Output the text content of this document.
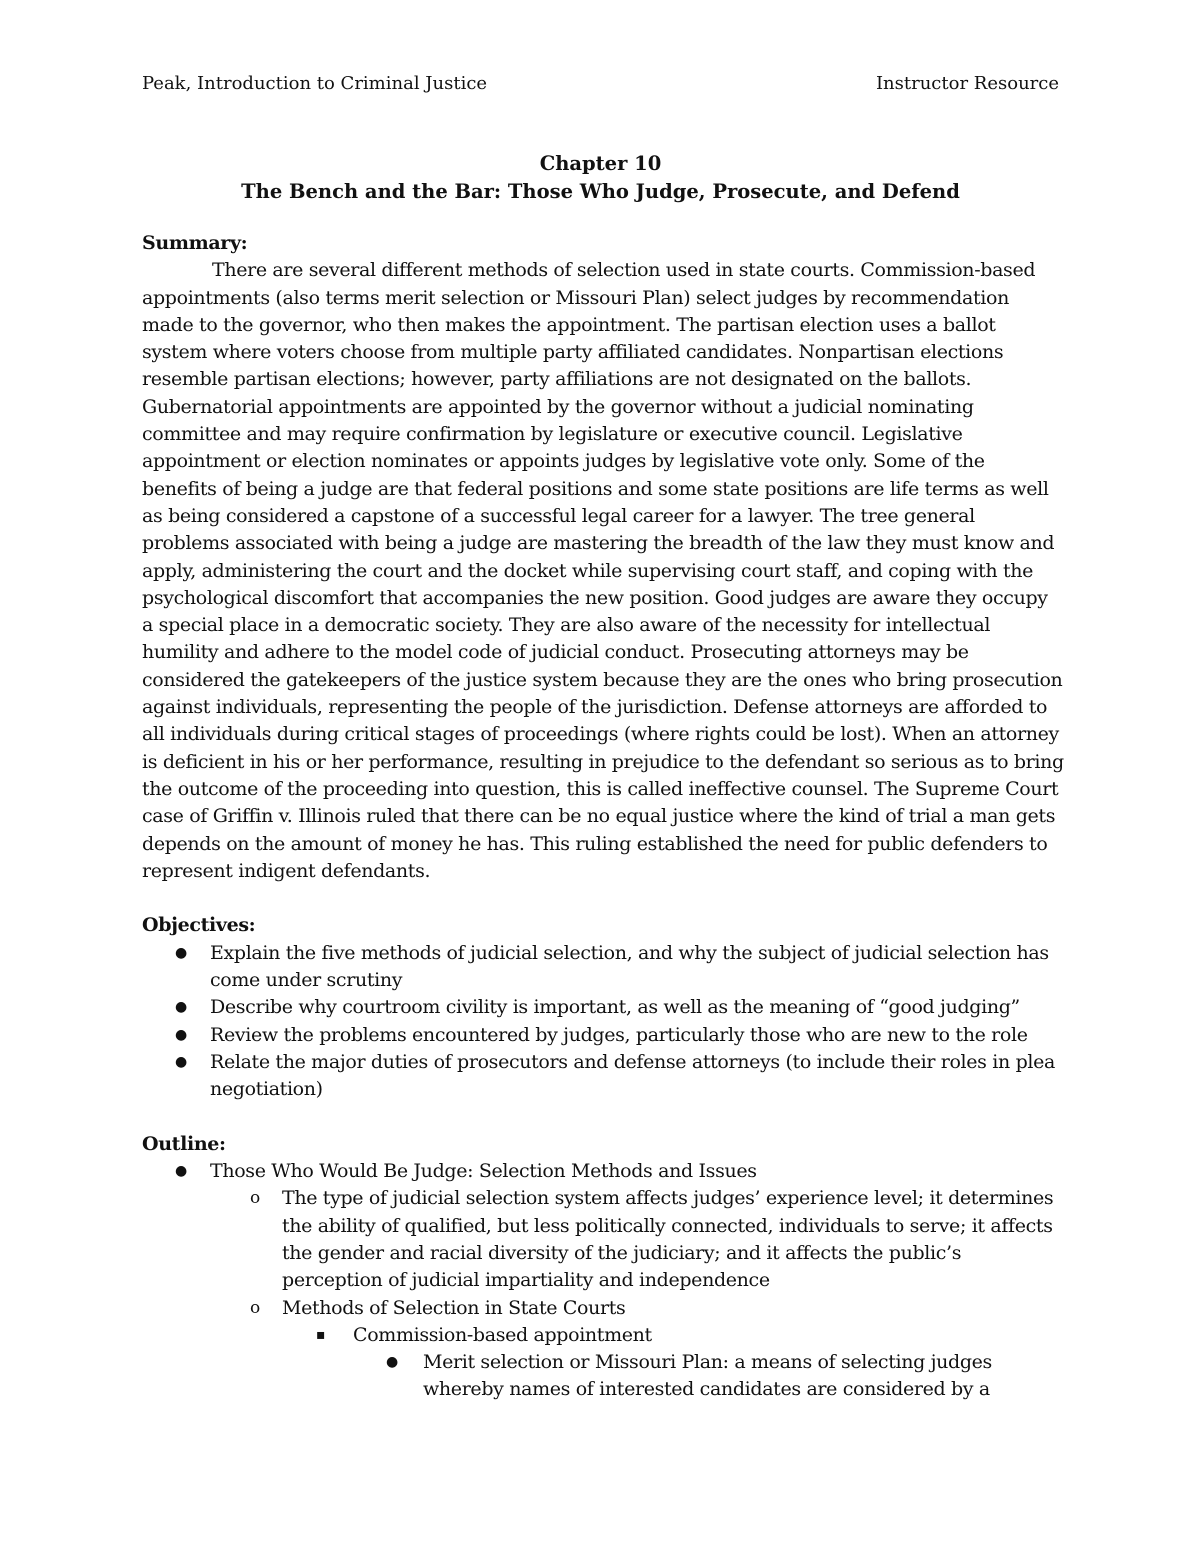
Peak, Introduction to Criminal Justice	Instructor Resource
Chapter 10
The Bench and the Bar: Those Who Judge, Prosecute, and Defend
Summary:

There are several different methods of selection used in state courts. Commission-based appointments (also terms merit selection or Missouri Plan) select judges by recommendation made to the governor, who then makes the appointment. The partisan election uses a ballot system where voters choose from multiple party affiliated candidates. Nonpartisan elections resemble partisan elections; however, party affiliations are not designated on the ballots. Gubernatorial appointments are appointed by the governor without a judicial nominating committee and may require confirmation by legislature or executive council. Legislative appointment or election nominates or appoints judges by legislative vote only. Some of the benefits of being a judge are that federal positions and some state positions are life terms as well as being considered a capstone of a successful legal career for a lawyer. The tree general problems associated with being a judge are mastering the breadth of the law they must know and apply, administering the court and the docket while supervising court staff, and coping with the psychological discomfort that accompanies the new position. Good judges are aware they occupy a special place in a democratic society. They are also aware of the necessity for intellectual humility and adhere to the model code of judicial conduct. Prosecuting attorneys may be considered the gatekeepers of the justice system because they are the ones who bring prosecution against individuals, representing the people of the jurisdiction. Defense attorneys are afforded to all individuals during critical stages of proceedings (where rights could be lost). When an attorney is deficient in his or her performance, resulting in prejudice to the defendant so serious as to bring the outcome of the proceeding into question, this is called ineffective counsel. The Supreme Court case of Griffin v. Illinois ruled that there can be no equal justice where the kind of trial a man gets depends on the amount of money he has. This ruling established the need for public defenders to represent indigent defendants.

Objectives:
● Explain the five methods of judicial selection, and why the subject of judicial selection has come under scrutiny
● Describe why courtroom civility is important, as well as the meaning of “good judging”
● Review the problems encountered by judges, particularly those who are new to the role
● Relate the major duties of prosecutors and defense attorneys (to include their roles in plea negotiation)
Outline:
● Those Who Would Be Judge: Selection Methods and Issues
o The type of judicial selection system affects judges’ experience level; it determines the ability of qualified, but less politically connected, individuals to serve; it affects the gender and racial diversity of the judiciary; and it affects the public’s perception of judicial impartiality and independence
o Methods of Selection in State Courts
▪ Commission-based appointment
● Merit selection or Missouri Plan: a means of selecting judges whereby names of interested candidates are considered by a
